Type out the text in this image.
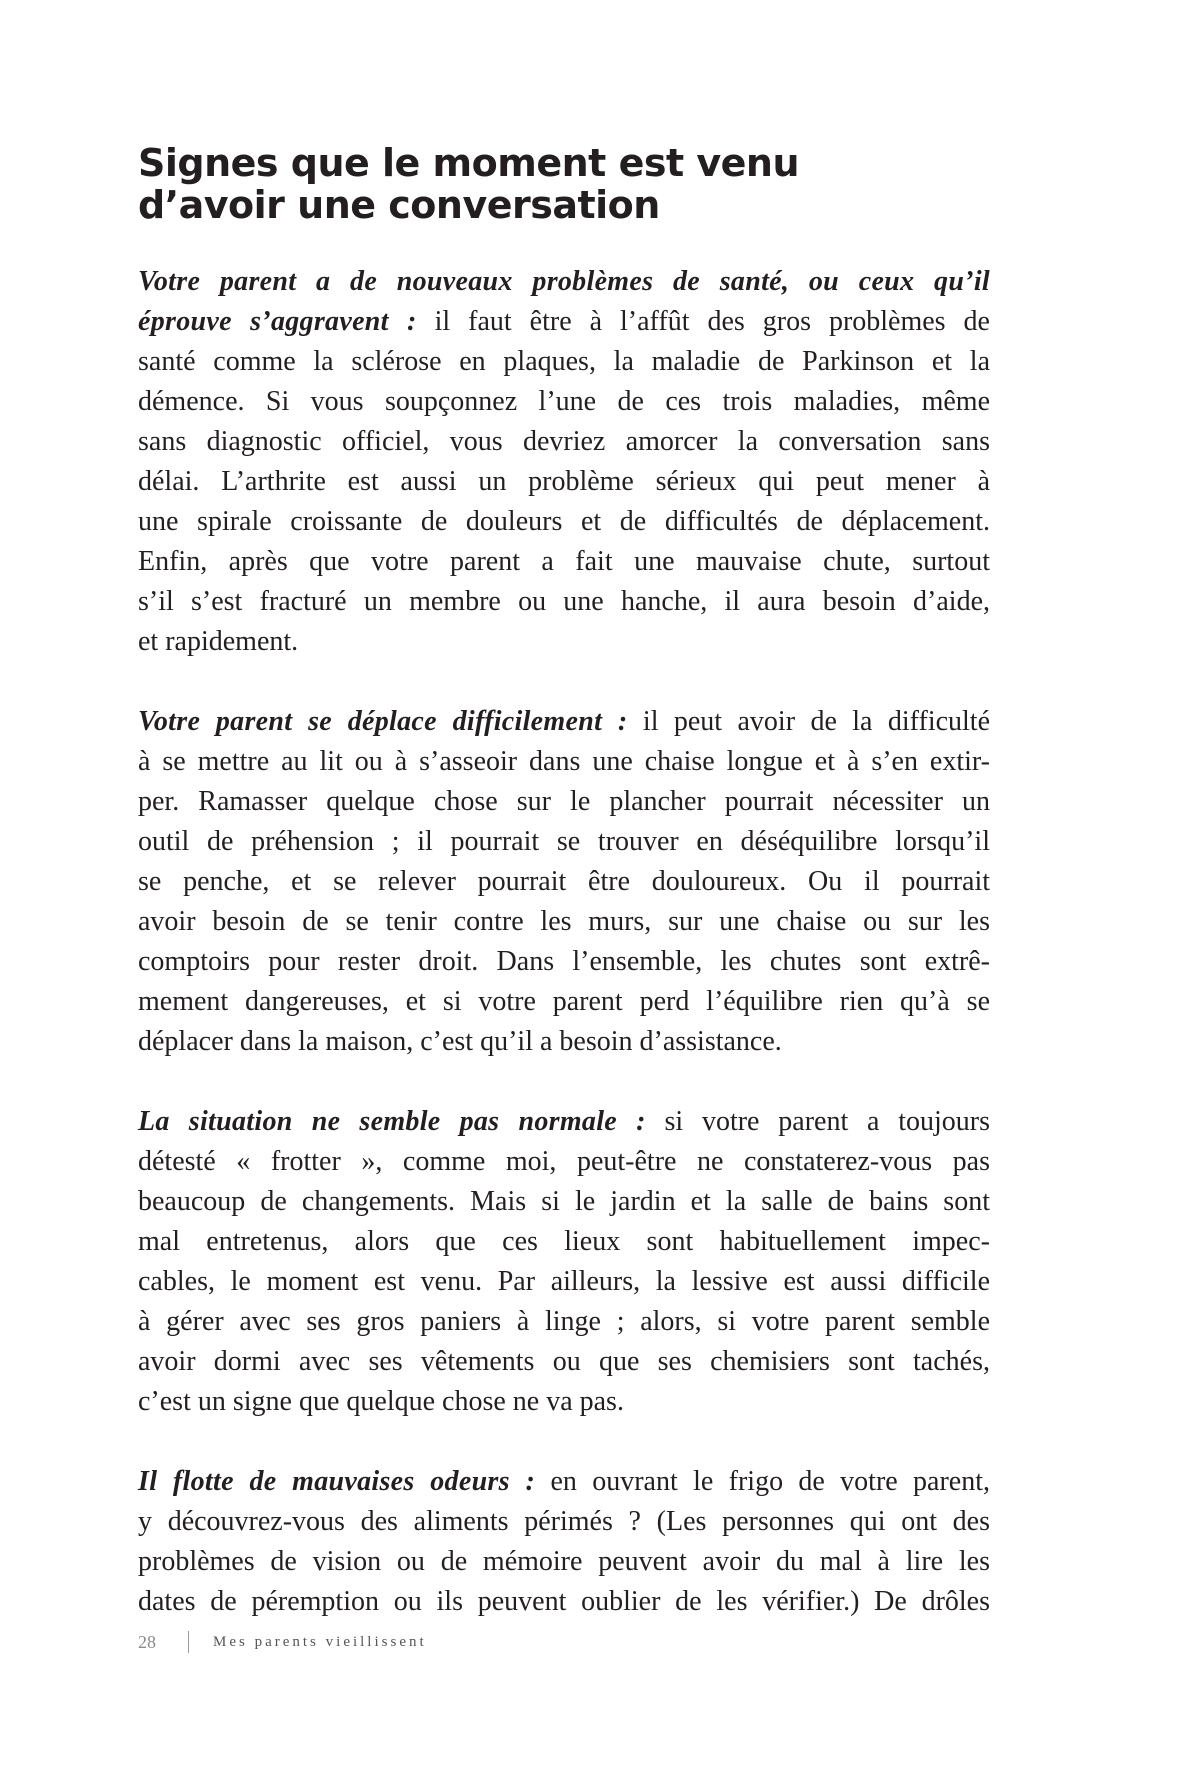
Signes que le moment est venu
d’avoir une conversation
Votre parent a de nouveaux problèmes de santé, ou ceux qu’il
éprouve s’aggravent : il faut être à l’affût des gros problèmes de
santé comme la sclérose en plaques, la maladie de Parkinson et la
démence. Si vous soupçonnez l’une de ces trois maladies, même
sans diagnostic officiel, vous devriez amorcer la conversation sans
délai. L’arthrite est aussi un problème sérieux qui peut mener à
une spirale croissante de douleurs et de difficultés de déplacement.
Enfin, après que votre parent a fait une mauvaise chute, surtout
s’il s’est fracturé un membre ou une hanche, il aura besoin d’aide,
et rapidement.
Votre parent se déplace difficilement : il peut avoir de la difficulté
à se mettre au lit ou à s’asseoir dans une chaise longue et à s’en extir-
per. Ramasser quelque chose sur le plancher pourrait nécessiter un
outil de préhension ; il pourrait se trouver en déséquilibre lorsqu’il
se penche, et se relever pourrait être douloureux. Ou il pourrait
avoir besoin de se tenir contre les murs, sur une chaise ou sur les
comptoirs pour rester droit. Dans l’ensemble, les chutes sont extrê-
mement dangereuses, et si votre parent perd l’équilibre rien qu’à se
déplacer dans la maison, c’est qu’il a besoin d’assistance.
La situation ne semble pas normale : si votre parent a toujours
détesté « frotter », comme moi, peut-être ne constaterez-vous pas
beaucoup de changements. Mais si le jardin et la salle de bains sont
mal entretenus, alors que ces lieux sont habituellement impec-
cables, le moment est venu. Par ailleurs, la lessive est aussi difficile
à gérer avec ses gros paniers à linge ; alors, si votre parent semble
avoir dormi avec ses vêtements ou que ses chemisiers sont tachés,
c’est un signe que quelque chose ne va pas.
Il flotte de mauvaises odeurs : en ouvrant le frigo de votre parent,
y découvrez-vous des aliments périmés ? (Les personnes qui ont des
problèmes de vision ou de mémoire peuvent avoir du mal à lire les
dates de péremption ou ils peuvent oublier de les vérifier.) De drôles
28	Mes parents vieillissent
